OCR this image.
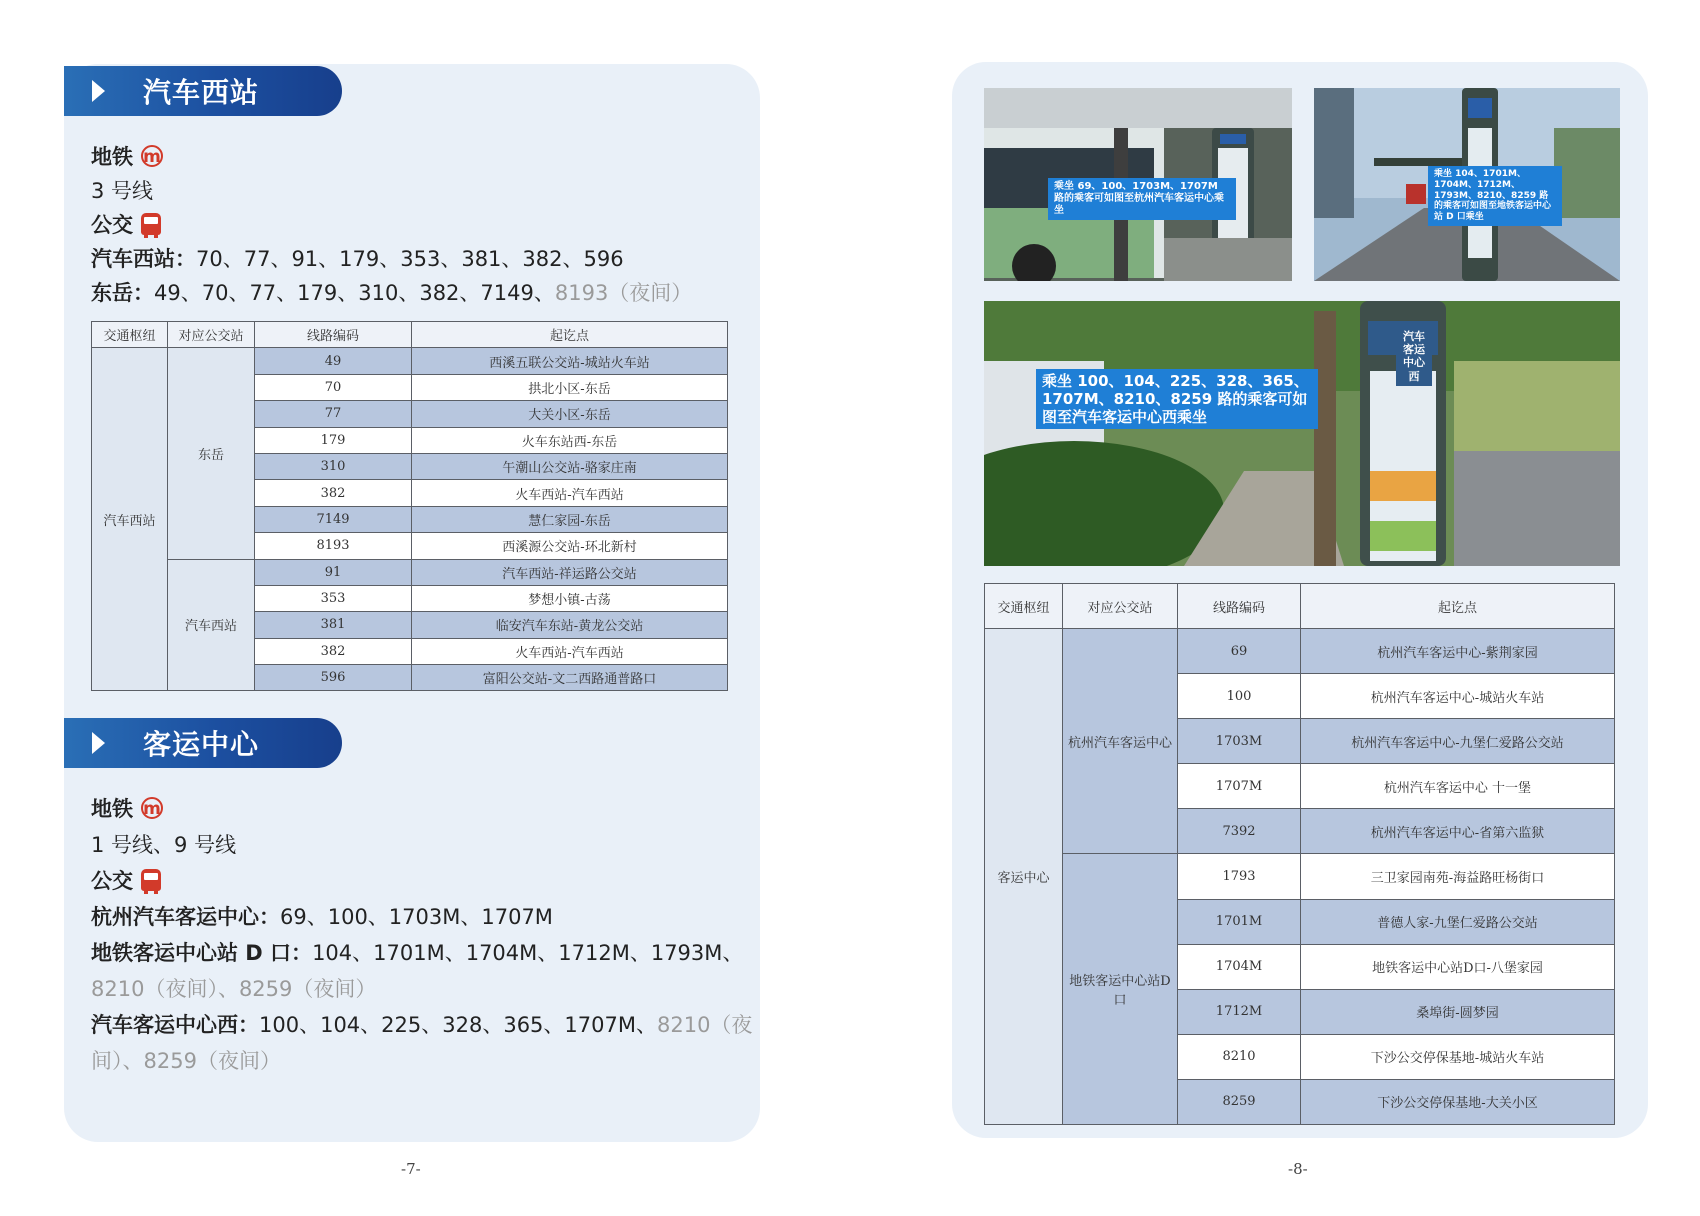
汽车西站
地铁m
3 号线
公交
汽车西站：70、77、91、179、353、381、382、596
东岳：49、70、77、179、310、382、7149、8193（夜间）
交通枢纽	对应公交站	线路编码	起讫点
汽车西站	东岳	49	西溪五联公交站-城站火车站
		70	拱北小区-东岳
		77	大关小区-东岳
		179	火车东站西-东岳
		310	午潮山公交站-骆家庄南
		382	火车西站-汽车西站
		7149	慧仁家园-东岳
		8193	西溪源公交站-环北新村
	汽车西站	91	汽车西站-祥运路公交站
		353	梦想小镇-古荡
		381	临安汽车东站-黄龙公交站
		382	火车西站-汽车西站
		596	富阳公交站-文二西路通普路口
客运中心
地铁m
1 号线、9 号线
公交
杭州汽车客运中心：69、100、1703M、1707M
地铁客运中心站 D 口：104、1701M、1704M、1712M、1793M、
8210（夜间）、8259（夜间）
汽车客运中心西：100、104、225、328、365、1707M、8210（夜
间）、8259（夜间）
-7-
乘坐 69、100、1703M、1707M 路的乘客可如图至杭州汽车客运中心乘坐
乘坐 104、1701M、1704M、1712M、1793M、8210、8259 路的乘客可如图至地铁客运中心站 D 口乘坐
汽车客运中心西
乘坐 100、104、225、328、365、1707M、8210、8259 路的乘客可如图至汽车客运中心西乘坐
交通枢纽	对应公交站	线路编码	起讫点
客运中心	杭州汽车客运中心	69	杭州汽车客运中心-紫荆家园
		100	杭州汽车客运中心-城站火车站
		1703M	杭州汽车客运中心-九堡仁爱路公交站
		1707M	杭州汽车客运中心 十一堡
		7392	杭州汽车客运中心-省第六监狱
	地铁客运中心站D口	1793	三卫家园南苑-海益路旺杨街口
		1701M	普德人家-九堡仁爱路公交站
		1704M	地铁客运中心站D口-八堡家园
		1712M	桑埠街-圆梦园
		8210	下沙公交停保基地-城站火车站
		8259	下沙公交停保基地-大关小区
-8-
